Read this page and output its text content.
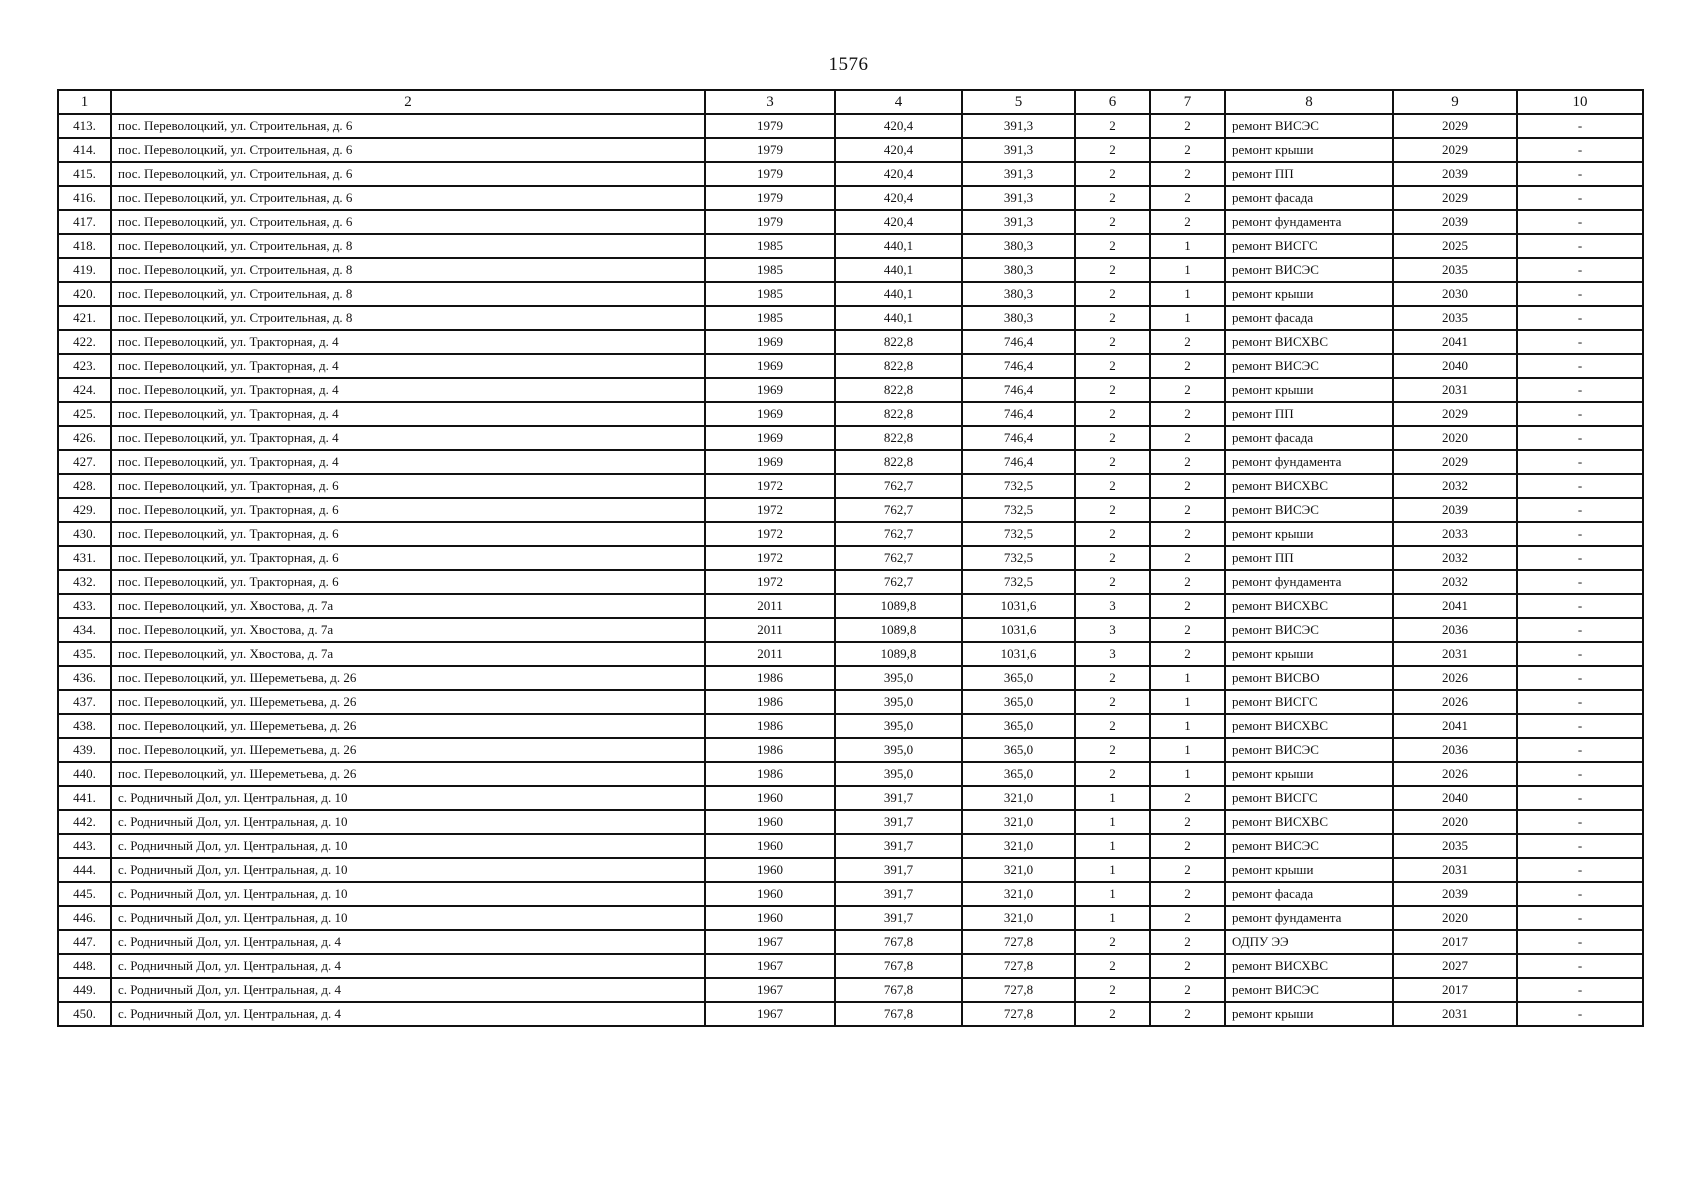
1576
1	2	3	4	5	6	7	8	9	10
413.	пос. Переволоцкий, ул. Строительная, д. 6	1979	420,4	391,3	2	2	ремонт ВИСЭС	2029	-
414.	пос. Переволоцкий, ул. Строительная, д. 6	1979	420,4	391,3	2	2	ремонт крыши	2029	-
415.	пос. Переволоцкий, ул. Строительная, д. 6	1979	420,4	391,3	2	2	ремонт ПП	2039	-
416.	пос. Переволоцкий, ул. Строительная, д. 6	1979	420,4	391,3	2	2	ремонт фасада	2029	-
417.	пос. Переволоцкий, ул. Строительная, д. 6	1979	420,4	391,3	2	2	ремонт фундамента	2039	-
418.	пос. Переволоцкий, ул. Строительная, д. 8	1985	440,1	380,3	2	1	ремонт ВИСГС	2025	-
419.	пос. Переволоцкий, ул. Строительная, д. 8	1985	440,1	380,3	2	1	ремонт ВИСЭС	2035	-
420.	пос. Переволоцкий, ул. Строительная, д. 8	1985	440,1	380,3	2	1	ремонт крыши	2030	-
421.	пос. Переволоцкий, ул. Строительная, д. 8	1985	440,1	380,3	2	1	ремонт фасада	2035	-
422.	пос. Переволоцкий, ул. Тракторная, д. 4	1969	822,8	746,4	2	2	ремонт ВИСХВС	2041	-
423.	пос. Переволоцкий, ул. Тракторная, д. 4	1969	822,8	746,4	2	2	ремонт ВИСЭС	2040	-
424.	пос. Переволоцкий, ул. Тракторная, д. 4	1969	822,8	746,4	2	2	ремонт крыши	2031	-
425.	пос. Переволоцкий, ул. Тракторная, д. 4	1969	822,8	746,4	2	2	ремонт ПП	2029	-
426.	пос. Переволоцкий, ул. Тракторная, д. 4	1969	822,8	746,4	2	2	ремонт фасада	2020	-
427.	пос. Переволоцкий, ул. Тракторная, д. 4	1969	822,8	746,4	2	2	ремонт фундамента	2029	-
428.	пос. Переволоцкий, ул. Тракторная, д. 6	1972	762,7	732,5	2	2	ремонт ВИСХВС	2032	-
429.	пос. Переволоцкий, ул. Тракторная, д. 6	1972	762,7	732,5	2	2	ремонт ВИСЭС	2039	-
430.	пос. Переволоцкий, ул. Тракторная, д. 6	1972	762,7	732,5	2	2	ремонт крыши	2033	-
431.	пос. Переволоцкий, ул. Тракторная, д. 6	1972	762,7	732,5	2	2	ремонт ПП	2032	-
432.	пос. Переволоцкий, ул. Тракторная, д. 6	1972	762,7	732,5	2	2	ремонт фундамента	2032	-
433.	пос. Переволоцкий, ул. Хвостова, д. 7а	2011	1089,8	1031,6	3	2	ремонт ВИСХВС	2041	-
434.	пос. Переволоцкий, ул. Хвостова, д. 7а	2011	1089,8	1031,6	3	2	ремонт ВИСЭС	2036	-
435.	пос. Переволоцкий, ул. Хвостова, д. 7а	2011	1089,8	1031,6	3	2	ремонт крыши	2031	-
436.	пос. Переволоцкий, ул. Шереметьева, д. 26	1986	395,0	365,0	2	1	ремонт ВИСВО	2026	-
437.	пос. Переволоцкий, ул. Шереметьева, д. 26	1986	395,0	365,0	2	1	ремонт ВИСГС	2026	-
438.	пос. Переволоцкий, ул. Шереметьева, д. 26	1986	395,0	365,0	2	1	ремонт ВИСХВС	2041	-
439.	пос. Переволоцкий, ул. Шереметьева, д. 26	1986	395,0	365,0	2	1	ремонт ВИСЭС	2036	-
440.	пос. Переволоцкий, ул. Шереметьева, д. 26	1986	395,0	365,0	2	1	ремонт крыши	2026	-
441.	с. Родничный Дол, ул. Центральная, д. 10	1960	391,7	321,0	1	2	ремонт ВИСГС	2040	-
442.	с. Родничный Дол, ул. Центральная, д. 10	1960	391,7	321,0	1	2	ремонт ВИСХВС	2020	-
443.	с. Родничный Дол, ул. Центральная, д. 10	1960	391,7	321,0	1	2	ремонт ВИСЭС	2035	-
444.	с. Родничный Дол, ул. Центральная, д. 10	1960	391,7	321,0	1	2	ремонт крыши	2031	-
445.	с. Родничный Дол, ул. Центральная, д. 10	1960	391,7	321,0	1	2	ремонт фасада	2039	-
446.	с. Родничный Дол, ул. Центральная, д. 10	1960	391,7	321,0	1	2	ремонт фундамента	2020	-
447.	с. Родничный Дол, ул. Центральная, д. 4	1967	767,8	727,8	2	2	ОДПУ ЭЭ	2017	-
448.	с. Родничный Дол, ул. Центральная, д. 4	1967	767,8	727,8	2	2	ремонт ВИСХВС	2027	-
449.	с. Родничный Дол, ул. Центральная, д. 4	1967	767,8	727,8	2	2	ремонт ВИСЭС	2017	-
450.	с. Родничный Дол, ул. Центральная, д. 4	1967	767,8	727,8	2	2	ремонт крыши	2031	-
